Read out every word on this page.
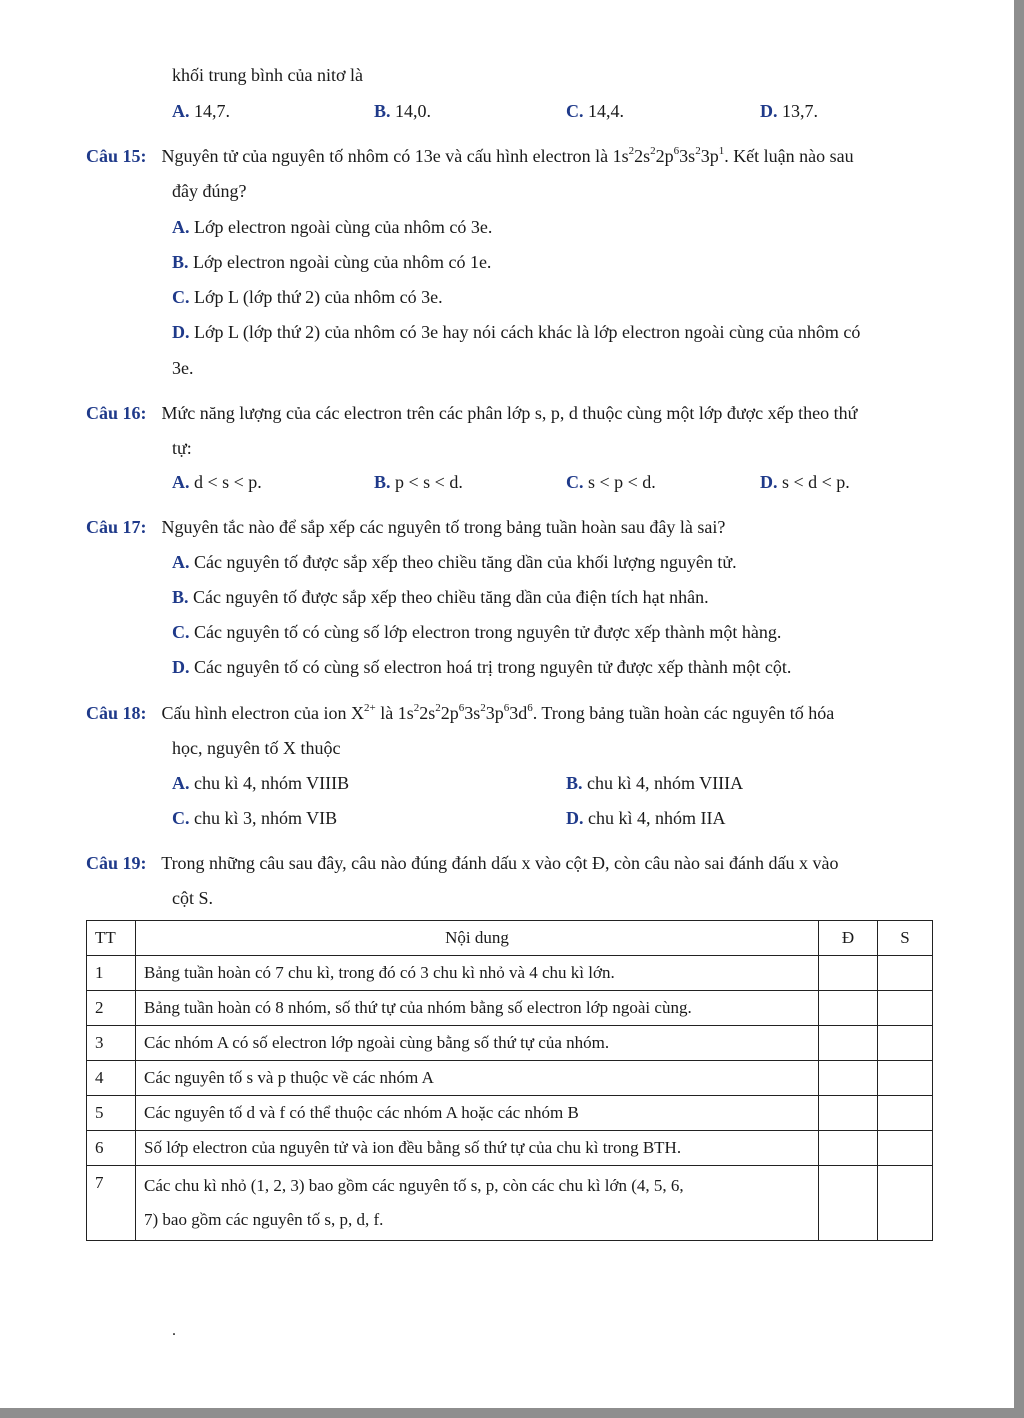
khối trung bình của nitơ là
A. 14,7.	B. 14,0.	C. 14,4.	D. 13,7.
Câu 15: Nguyên tử của nguyên tố nhôm có 13e và cấu hình electron là $1s^22s^22p^63s^23p^1$. Kết luận nào sau
đây đúng?
A. Lớp electron ngoài cùng của nhôm có 3e.
B. Lớp electron ngoài cùng của nhôm có 1e.
C. Lớp L (lớp thứ 2) của nhôm có 3e.
D. Lớp L (lớp thứ 2) của nhôm có 3e hay nói cách khác là lớp electron ngoài cùng của nhôm có
3e.
Câu 16: Mức năng lượng của các electron trên các phân lớp s, p, d thuộc cùng một lớp được xếp theo thứ
tự:
A. d < s < p.	B. p < s < d.	C. s < p < d.	D. s < d < p.
Câu 17: Nguyên tắc nào để sắp xếp các nguyên tố trong bảng tuần hoàn sau đây là sai?
A. Các nguyên tố được sắp xếp theo chiều tăng dần của khối lượng nguyên tử.
B. Các nguyên tố được sắp xếp theo chiều tăng dần của điện tích hạt nhân.
C. Các nguyên tố có cùng số lớp electron trong nguyên tử được xếp thành một hàng.
D. Các nguyên tố có cùng số electron hoá trị trong nguyên tử được xếp thành một cột.
Câu 18: Cấu hình electron của ion $X^{2+}$ là $1s^22s^22p^63s^23p^63d^6$. Trong bảng tuần hoàn các nguyên tố hóa
học, nguyên tố X thuộc
A. chu kì 4, nhóm VIIIB	B. chu kì 4, nhóm VIIIA
C. chu kì 3, nhóm VIB	D. chu kì 4, nhóm IIA
Câu 19: Trong những câu sau đây, câu nào đúng đánh dấu x vào cột Đ, còn câu nào sai đánh dấu x vào
cột S.
TT	Nội dung	Đ	S
1	Bảng tuần hoàn có 7 chu kì, trong đó có 3 chu kì nhỏ và 4 chu kì lớn.		
2	Bảng tuần hoàn có 8 nhóm, số thứ tự của nhóm bằng số electron lớp ngoài cùng.		
3	Các nhóm A có số electron lớp ngoài cùng bằng số thứ tự của nhóm.		
4	Các nguyên tố s và p thuộc về các nhóm A		
5	Các nguyên tố d và f có thể thuộc các nhóm A hoặc các nhóm B		
6	Số lớp electron của nguyên tử và ion đều bằng số thứ tự của chu kì trong BTH.		
7	Các chu kì nhỏ (1, 2, 3) bao gồm các nguyên tố s, p, còn các chu kì lớn (4, 5, 6,
7) bao gồm các nguyên tố s, p, d, f.		

.
